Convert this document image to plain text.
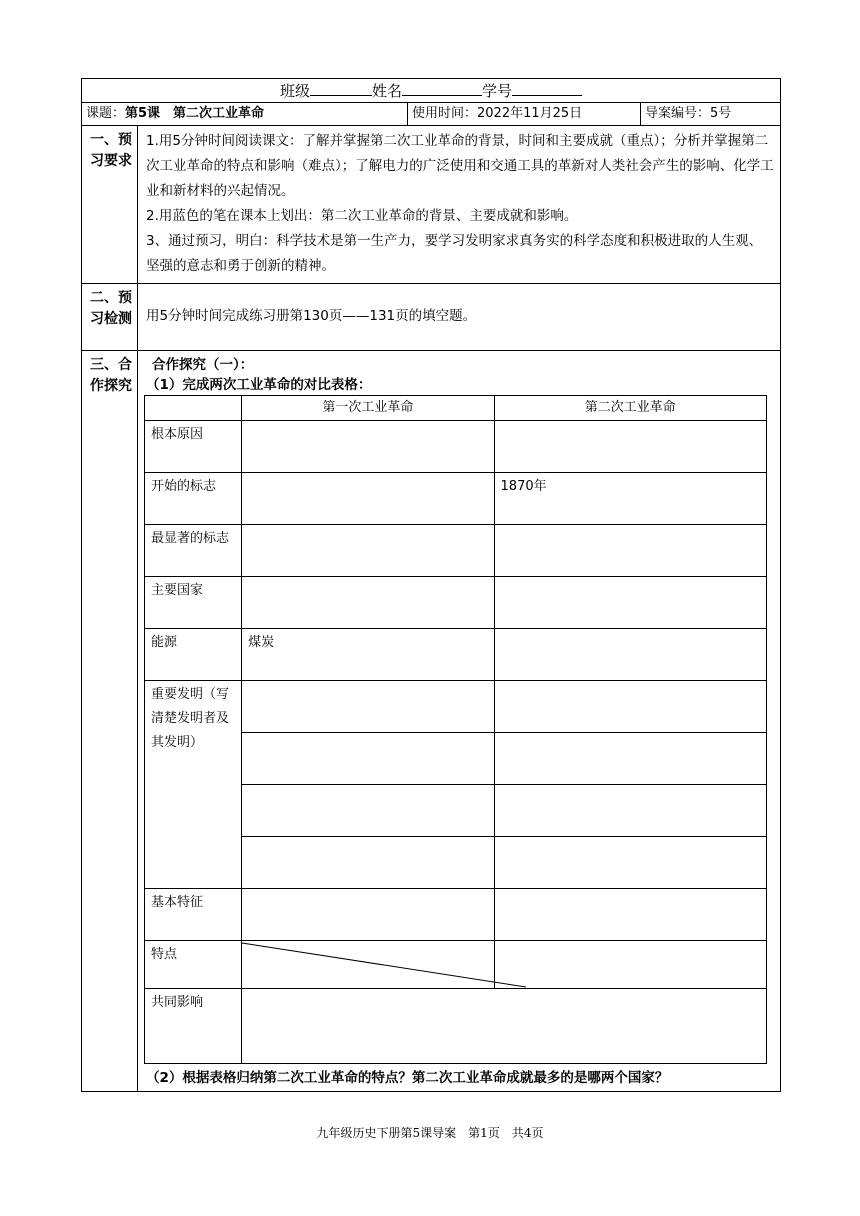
班级	姓名	学号
课题：第5课　第二次工业革命	使用时间：2022年11月25日	导案编号：5号
一、预习要求	

1.用5分钟时间阅读课文：了解并掌握第二次工业革命的背景，时间和主要成就（重点）；分析并掌握第二次工业革命的特点和影响（难点）；了解电力的广泛使用和交通工具的革新对人类社会产生的影响、化学工业和新材料的兴起情况。

2.用蓝色的笔在课本上划出：第二次工业革命的背景、主要成就和影响。

3、通过预习，明白：科学技术是第一生产力，要学习发明家求真务实的科学态度和积极进取的人生观、坚强的意志和勇于创新的精神。

二、预习检测	用5分钟时间完成练习册第130页——131页的填空题。
三、合作探究	
合作探究（一）：
（1）完成两次工业革命的对比表格：
	第一次工业革命	第二次工业革命
根本原因		
开始的标志		1870年
最显著的标志		
主要国家		
能源	煤炭	
重要发明（写清楚发明者及其发明）		

基本特征		
特点	

共同影响	
（2）根据表格归纳第二次工业革命的特点？第二次工业革命成就最多的是哪两个国家？
九年级历史下册第5课导案　第1页　共4页
